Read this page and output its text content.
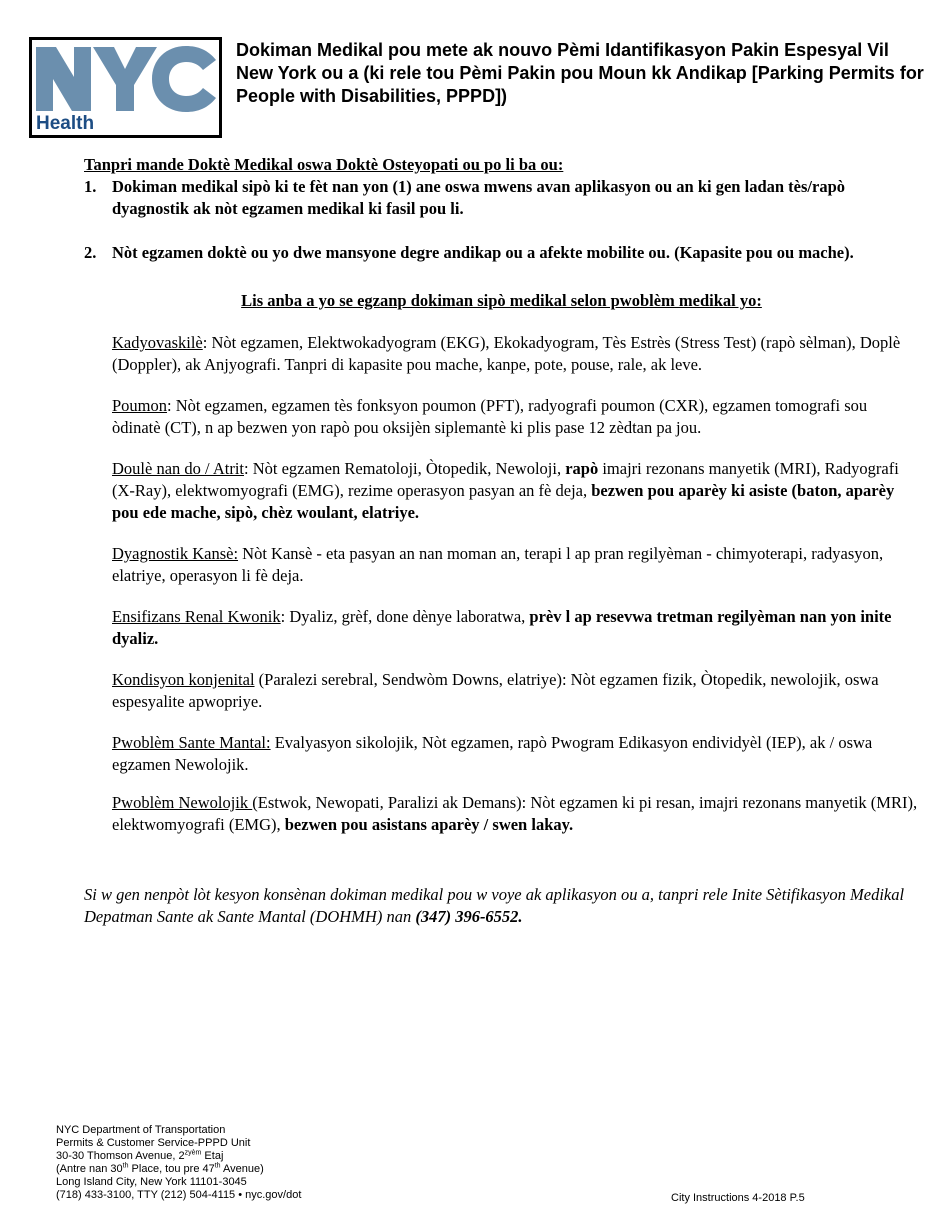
Health
Dokiman Medikal pou mete ak nouvo Pèmi Idantifikasyon Pakin Espesyal Vil New York ou a (ki rele tou Pèmi Pakin pou Moun kk Andikap [Parking Permits for People with Disabilities, PPPD])

Tanpri mande Doktè Medikal oswa Doktè Osteyopati ou po li ba ou:

1. Dokiman medikal sipò ki te fèt nan yon (1) ane oswa mwens avan aplikasyon ou an ki gen ladan tès/rapò dyagnostik ak nòt egzamen medikal ki fasil pou li.
2. Nòt egzamen doktè ou yo dwe mansyone degre andikap ou a afekte mobilite ou. (Kapasite pou ou mache).

Lis anba a yo se egzanp dokiman sipò medikal selon pwoblèm medikal yo:

Kadyovaskilè: Nòt egzamen, Elektwokadyogram (EKG), Ekokadyogram, Tès Estrès (Stress Test) (rapò sèlman), Doplè (Doppler), ak Anjyografi. Tanpri di kapasite pou mache, kanpe, pote, pouse, rale, ak leve.

Poumon: Nòt egzamen, egzamen tès fonksyon poumon (PFT), radyografi poumon (CXR), egzamen tomografi sou òdinatè (CT), n ap bezwen yon rapò pou oksijèn siplemantè ki plis pase 12 zèdtan pa jou.

Doulè nan do / Atrit: Nòt egzamen Rematoloji, Òtopedik, Newoloji, rapò imajri rezonans manyetik (MRI), Radyografi (X-Ray), elektwomyografi (EMG), rezime operasyon pasyan an fè deja, bezwen pou aparèy ki asiste (baton, aparèy pou ede mache, sipò, chèz woulant, elatriye.

Dyagnostik Kansè: Nòt Kansè - eta pasyan an nan moman an, terapi l ap pran regilyèman - chimyoterapi, radyasyon, elatriye, operasyon li fè deja.

Ensifizans Renal Kwonik: Dyaliz, grèf, done dènye laboratwa, prèv l ap resevwa tretman regilyèman nan yon inite dyaliz.

Kondisyon konjenital (Paralezi serebral, Sendwòm Downs, elatriye): Nòt egzamen fizik, Òtopedik, newolojik, oswa espesyalite apwopriye.

Pwoblèm Sante Mantal: Evalyasyon sikolojik, Nòt egzamen, rapò Pwogram Edikasyon endividyèl (IEP), ak / oswa egzamen Newolojik.

Pwoblèm Newolojik (Estwok, Newopati, Paralizi ak Demans): Nòt egzamen ki pi resan, imajri rezonans manyetik (MRI), elektwomyografi (EMG), bezwen pou asistans aparèy / swen lakay.

Si w gen nenpòt lòt kesyon konsènan dokiman medikal pou w voye ak aplikasyon ou a, tanpri rele Inite Sètifikasyon Medikal Depatman Sante ak Sante Mantal (DOHMH) nan (347) 396-6552.

NYC Department of Transportation
Permits & Customer Service-PPPD Unit
30-30 Thomson Avenue, $2^{zyèm}$ Etaj
(Antre nan 30th Place, tou pre 47th Avenue)
Long Island City, New York 11101-3045
(718) 433-3100, TTY (212) 504-4115 • nyc.gov/dot	City Instructions 4-2018 P.5
